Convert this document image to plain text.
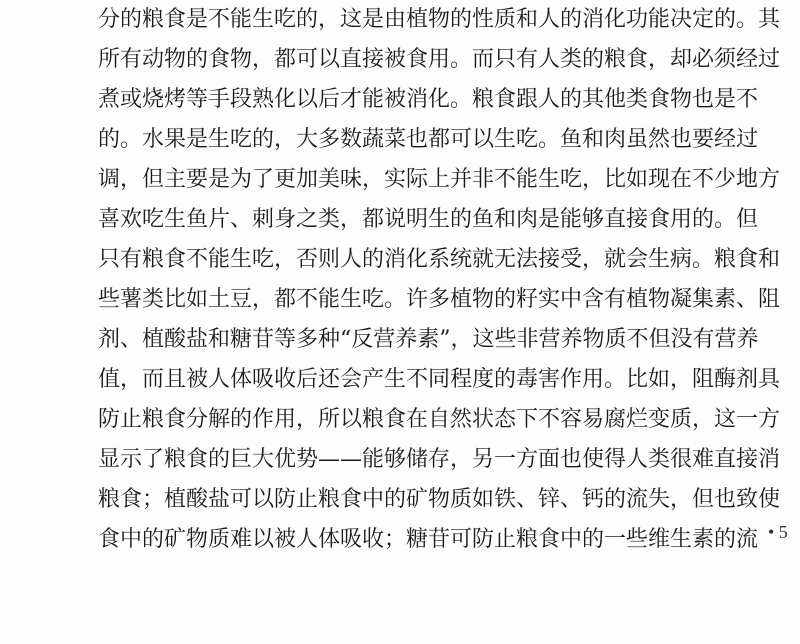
分的粮食是不能生吃的，这是由植物的性质和人的消化功能决定的。其
所有动物的食物，都可以直接被食用。而只有人类的粮食，却必须经过
煮或烧烤等手段熟化以后才能被消化。粮食跟人的其他类食物也是不
的。水果是生吃的，大多数蔬菜也都可以生吃。鱼和肉虽然也要经过
调，但主要是为了更加美味，实际上并非不能生吃，比如现在不少地方
喜欢吃生鱼片、刺身之类，都说明生的鱼和肉是能够直接食用的。但
只有粮食不能生吃，否则人的消化系统就无法接受，就会生病。粮食和
些薯类比如土豆，都不能生吃。许多植物的籽实中含有植物凝集素、阻
剂、植酸盐和糖苷等多种“反营养素”，这些非营养物质不但没有营养
值，而且被人体吸收后还会产生不同程度的毒害作用。比如，阻酶剂具
防止粮食分解的作用，所以粮食在自然状态下不容易腐烂变质，这一方
显示了粮食的巨大优势——能够储存，另一方面也使得人类很难直接消
粮食；植酸盐可以防止粮食中的矿物质如铁、锌、钙的流失，但也致使
食中的矿物质难以被人体吸收；糖苷可防止粮食中的一些维生素的流 • 5
